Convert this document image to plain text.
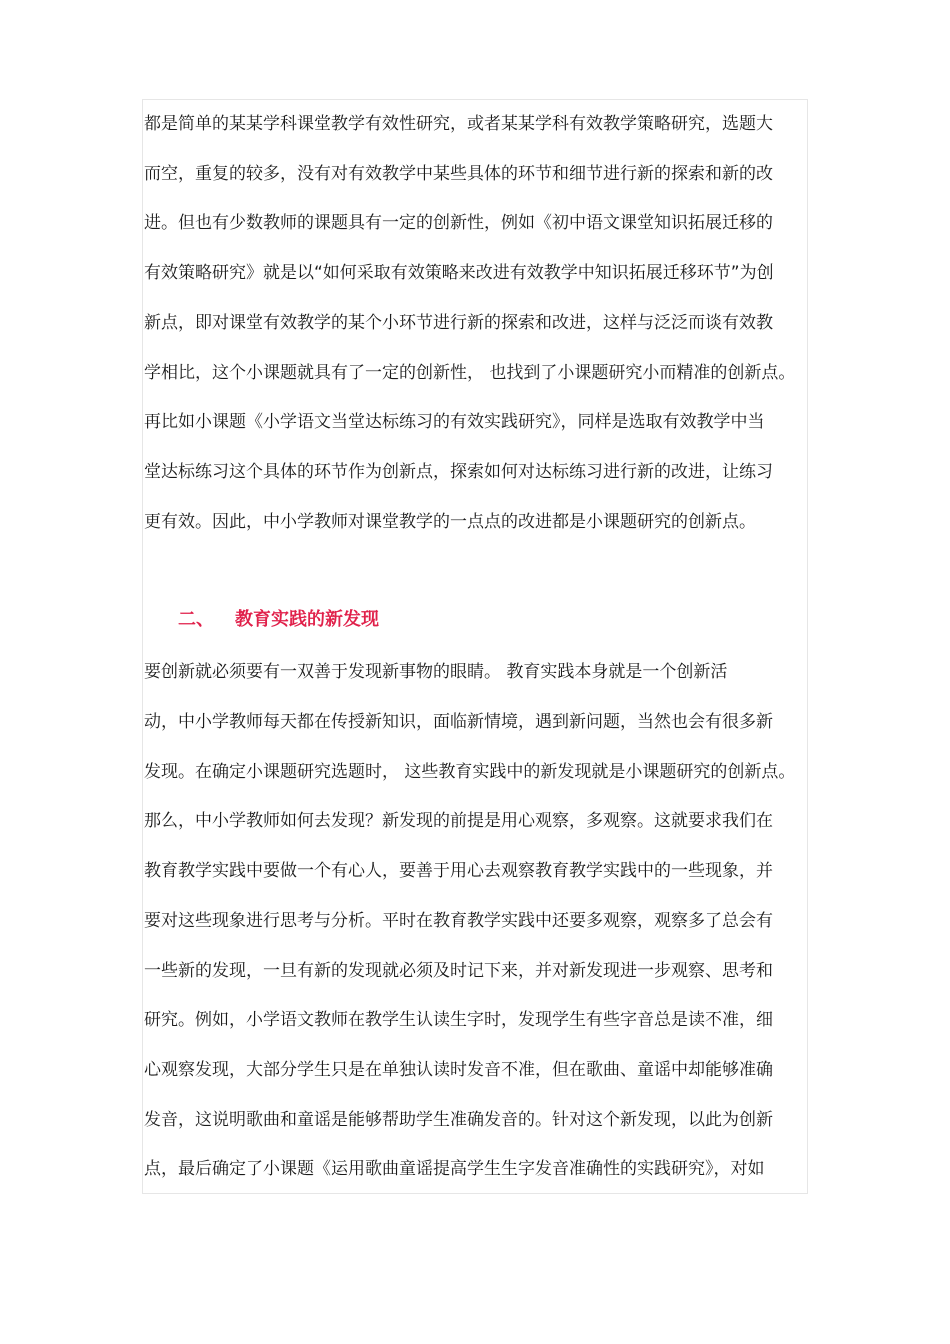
都是简单的某某学科课堂教学有效性研究，或者某某学科有效教学策略研究，选题大
而空，重复的较多，没有对有效教学中某些具体的环节和细节进行新的探索和新的改
进。但也有少数教师的课题具有一定的创新性，例如《初中语文课堂知识拓展迁移的
有效策略研究》就是以“如何采取有效策略来改进有效教学中知识拓展迁移环节”为创
新点，即对课堂有效教学的某个小环节进行新的探索和改进，这样与泛泛而谈有效教
学相比，这个小课题就具有了一定的创新性， 也找到了小课题研究小而精准的创新点。
再比如小课题《小学语文当堂达标练习的有效实践研究》，同样是选取有效教学中当
堂达标练习这个具体的环节作为创新点，探索如何对达标练习进行新的改进，让练习
更有效。因此，中小学教师对课堂教学的一点点的改进都是小课题研究的创新点。
二、 教育实践的新发现
要创新就必须要有一双善于发现新事物的眼睛。 教育实践本身就是一个创新活
动，中小学教师每天都在传授新知识，面临新情境，遇到新问题，当然也会有很多新
发现。在确定小课题研究选题时， 这些教育实践中的新发现就是小课题研究的创新点。
那么，中小学教师如何去发现？新发现的前提是用心观察，多观察。这就要求我们在
教育教学实践中要做一个有心人，要善于用心去观察教育教学实践中的一些现象，并
要对这些现象进行思考与分析。平时在教育教学实践中还要多观察，观察多了总会有
一些新的发现，一旦有新的发现就必须及时记下来，并对新发现进一步观察、思考和
研究。例如，小学语文教师在教学生认读生字时，发现学生有些字音总是读不准，细
心观察发现，大部分学生只是在单独认读时发音不准，但在歌曲、童谣中却能够准确
发音，这说明歌曲和童谣是能够帮助学生准确发音的。针对这个新发现，以此为创新
点，最后确定了小课题《运用歌曲童谣提高学生生字发音准确性的实践研究》，对如
